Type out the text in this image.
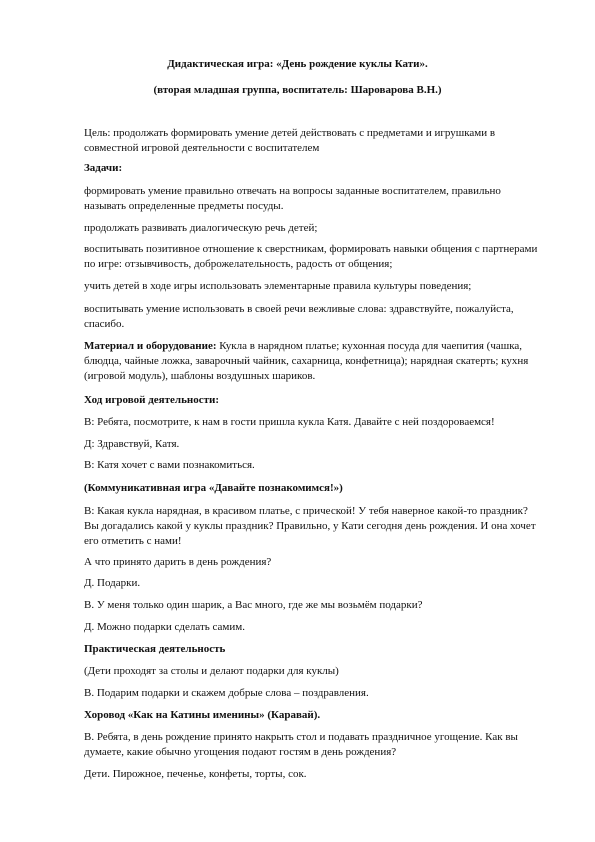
Дидактическая игра: «День рождение куклы Кати».
(вторая младшая группа, воспитатель: Шароварова В.Н.)
Цель: продолжать формировать умение детей действовать с предметами и игрушками в совместной игровой деятельности с воспитателем
Задачи:
формировать умение правильно отвечать на вопросы заданные воспитателем, правильно называть определенные предметы посуды.
продолжать развивать диалогическую речь детей;
воспитывать позитивное отношение к сверстникам, формировать навыки общения с партнерами по игре: отзывчивость, доброжелательность, радость от общения;
учить детей в ходе игры использовать элементарные правила культуры поведения;
воспитывать умение использовать в своей речи вежливые слова: здравствуйте, пожалуйста, спасибо.
Материал и оборудование: Кукла в нарядном платье; кухонная посуда для чаепития (чашка, блюдца, чайные ложка, заварочный чайник, сахарница, конфетница); нарядная скатерть; кухня (игровой модуль), шаблоны воздушных шариков.
Ход игровой деятельности:
В: Ребята, посмотрите, к нам в гости пришла кукла Катя. Давайте с ней поздороваемся!
Д: Здравствуй, Катя.
В: Катя хочет с вами познакомиться.
(Коммуникативная игра «Давайте познакомимся!»)
В: Какая кукла нарядная, в красивом платье, с прической! У тебя наверное какой-то праздник? Вы догадались какой у куклы праздник? Правильно, у Кати сегодня день рождения. И она хочет его отметить с нами!
А что принято дарить в день рождения?
Д. Подарки.
В. У меня только один шарик, а Вас много, где же мы возьмём подарки?
Д. Можно подарки сделать самим.
Практическая деятельность
(Дети проходят за столы и делают подарки для куклы)
В. Подарим подарки и скажем добрые слова – поздравления.
Хоровод «Как на Катины именины» (Каравай).
В. Ребята, в день рождение принято накрыть стол и подавать праздничное угощение. Как вы думаете, какие обычно угощения подают гостям в день рождения?
Дети. Пирожное, печенье, конфеты, торты, сок.
